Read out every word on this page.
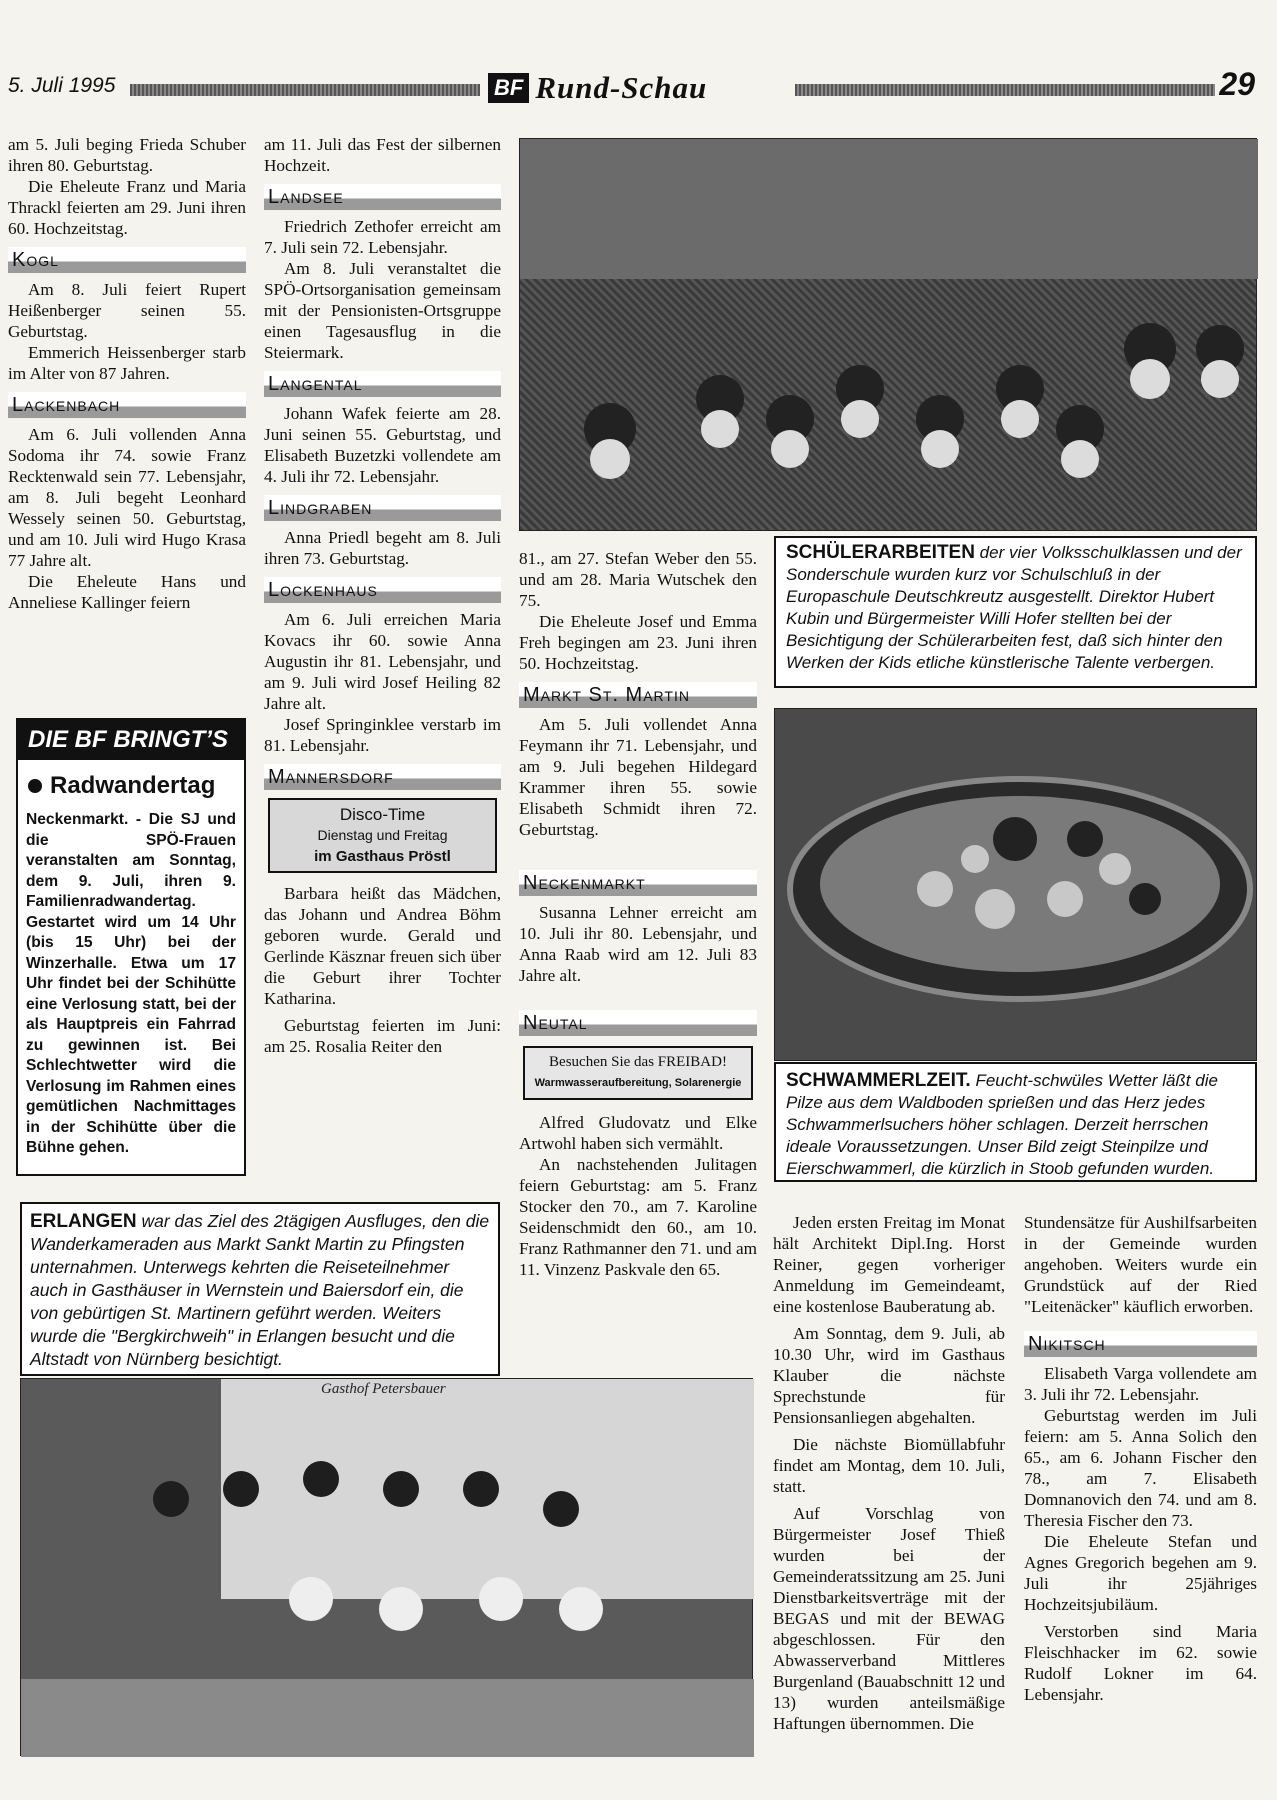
5. Juli 1995	BF Rund-Schau	29

am 5. Juli beging Frieda Schuber ihren 80. Geburtstag.

Die Eheleute Franz und Maria Thrackl feierten am 29. Juni ihren 60. Hochzeitstag.

Kogl

Am 8. Juli feiert Rupert Heißenberger seinen 55. Geburtstag.

Emmerich Heissenberger starb im Alter von 87 Jahren.

Lackenbach

Am 6. Juli vollenden Anna Sodoma ihr 74. sowie Franz Recktenwald sein 77. Lebensjahr, am 8. Juli begeht Leonhard Wessely seinen 50. Geburtstag, und am 10. Juli wird Hugo Krasa 77 Jahre alt.

Die Eheleute Hans und Anneliese Kallinger feiern

DIE BF BRINGT’S
Radwandertag
Neckenmarkt. - Die SJ und die SPÖ-Frauen veranstalten am Sonntag, dem 9. Juli, ihren 9. Familienradwandertag. Gestartet wird um 14 Uhr (bis 15 Uhr) bei der Winzerhalle. Etwa um 17 Uhr findet bei der Schihütte eine Verlosung statt, bei der als Hauptpreis ein Fahrrad zu gewinnen ist. Bei Schlechtwetter wird die Verlosung im Rahmen eines gemütlichen Nachmittages in der Schihütte über die Bühne gehen.

am 11. Juli das Fest der silbernen Hochzeit.

Landsee

Friedrich Zethofer erreicht am 7. Juli sein 72. Lebensjahr.

Am 8. Juli veranstaltet die SPÖ-Ortsorganisation gemeinsam mit der Pensionisten-Ortsgruppe einen Tagesausflug in die Steiermark.

Langental

Johann Wafek feierte am 28. Juni seinen 55. Geburtstag, und Elisabeth Buzetzki vollendete am 4. Juli ihr 72. Lebensjahr.

Lindgraben

Anna Priedl begeht am 8. Juli ihren 73. Geburtstag.

Lockenhaus

Am 6. Juli erreichen Maria Kovacs ihr 60. sowie Anna Augustin ihr 81. Lebensjahr, und am 9. Juli wird Josef Heiling 82 Jahre alt.

Josef Springinklee verstarb im 81. Lebensjahr.

Mannersdorf
Disco-Time
Dienstag und Freitag
im Gasthaus Pröstl

Barbara heißt das Mädchen, das Johann und Andrea Böhm geboren wurde. Gerald und Gerlinde Käsznar freuen sich über die Geburt ihrer Tochter Katharina.

Geburtstag feierten im Juni: am 25. Rosalia Reiter den

SCHÜLERARBEITEN der vier Volksschulklassen und der Sonderschule wurden kurz vor Schulschluß in der Europaschule Deutschkreutz ausgestellt. Direktor Hubert Kubin und Bürgermeister Willi Hofer stellten bei der Besichtigung der Schülerarbeiten fest, daß sich hinter den Werken der Kids etliche künstlerische Talente verbergen.

81., am 27. Stefan Weber den 55. und am 28. Maria Wutschek den 75.

Die Eheleute Josef und Emma Freh begingen am 23. Juni ihren 50. Hochzeitstag.

Markt St. Martin

Am 5. Juli vollendet Anna Feymann ihr 71. Lebensjahr, und am 9. Juli begehen Hildegard Krammer ihren 55. sowie Elisabeth Schmidt ihren 72. Geburtstag.

Neckenmarkt

Susanna Lehner erreicht am 10. Juli ihr 80. Lebensjahr, und Anna Raab wird am 12. Juli 83 Jahre alt.

Neutal
Besuchen Sie das FREIBAD!
Warmwasseraufbereitung, Solarenergie

Alfred Gludovatz und Elke Artwohl haben sich vermählt.

An nachstehenden Julitagen feiern Geburtstag: am 5. Franz Stocker den 70., am 7. Karoline Seidenschmidt den 60., am 10. Franz Rathmanner den 71. und am 11. Vinzenz Paskvale den 65.

SCHWAMMERLZEIT. Feucht-schwüles Wetter läßt die Pilze aus dem Waldboden sprießen und das Herz jedes Schwammerlsuchers höher schlagen. Derzeit herrschen ideale Voraussetzungen. Unser Bild zeigt Steinpilze und Eierschwammerl, die kürzlich in Stoob gefunden wurden.
ERLANGEN war das Ziel des 2tägigen Ausfluges, den die Wanderkameraden aus Markt Sankt Martin zu Pfingsten unternahmen. Unterwegs kehrten die Reiseteilnehmer auch in Gasthäuser in Wernstein und Baiersdorf ein, die von gebürtigen St. Martinern geführt werden. Weiters wurde die "Bergkirchweih" in Erlangen besucht und die Altstadt von Nürnberg besichtigt.
Gasthof Petersbauer

Jeden ersten Freitag im Monat hält Architekt Dipl.Ing. Horst Reiner, gegen vorheriger Anmeldung im Gemeindeamt, eine kostenlose Bauberatung ab.

Am Sonntag, dem 9. Juli, ab 10.30 Uhr, wird im Gasthaus Klauber die nächste Sprechstunde für Pensionsanliegen abgehalten.

Die nächste Biomüllabfuhr findet am Montag, dem 10. Juli, statt.

Auf Vorschlag von Bürgermeister Josef Thieß wurden bei der Gemeinderatssitzung am 25. Juni Dienstbarkeitsverträge mit der BEGAS und mit der BEWAG abgeschlossen. Für den Abwasserverband Mittleres Burgenland (Bauabschnitt 12 und 13) wurden anteilsmäßige Haftungen übernommen. Die

Stundensätze für Aushilfsarbeiten in der Gemeinde wurden angehoben. Weiters wurde ein Grundstück auf der Ried "Leitenäcker" käuflich erworben.

Nikitsch

Elisabeth Varga vollendete am 3. Juli ihr 72. Lebensjahr.

Geburtstag werden im Juli feiern: am 5. Anna Solich den 65., am 6. Johann Fischer den 78., am 7. Elisabeth Domnanovich den 74. und am 8. Theresia Fischer den 73.

Die Eheleute Stefan und Agnes Gregorich begehen am 9. Juli ihr 25jähriges Hochzeitsjubiläum.

Verstorben sind Maria Fleischhacker im 62. sowie Rudolf Lokner im 64. Lebensjahr.
